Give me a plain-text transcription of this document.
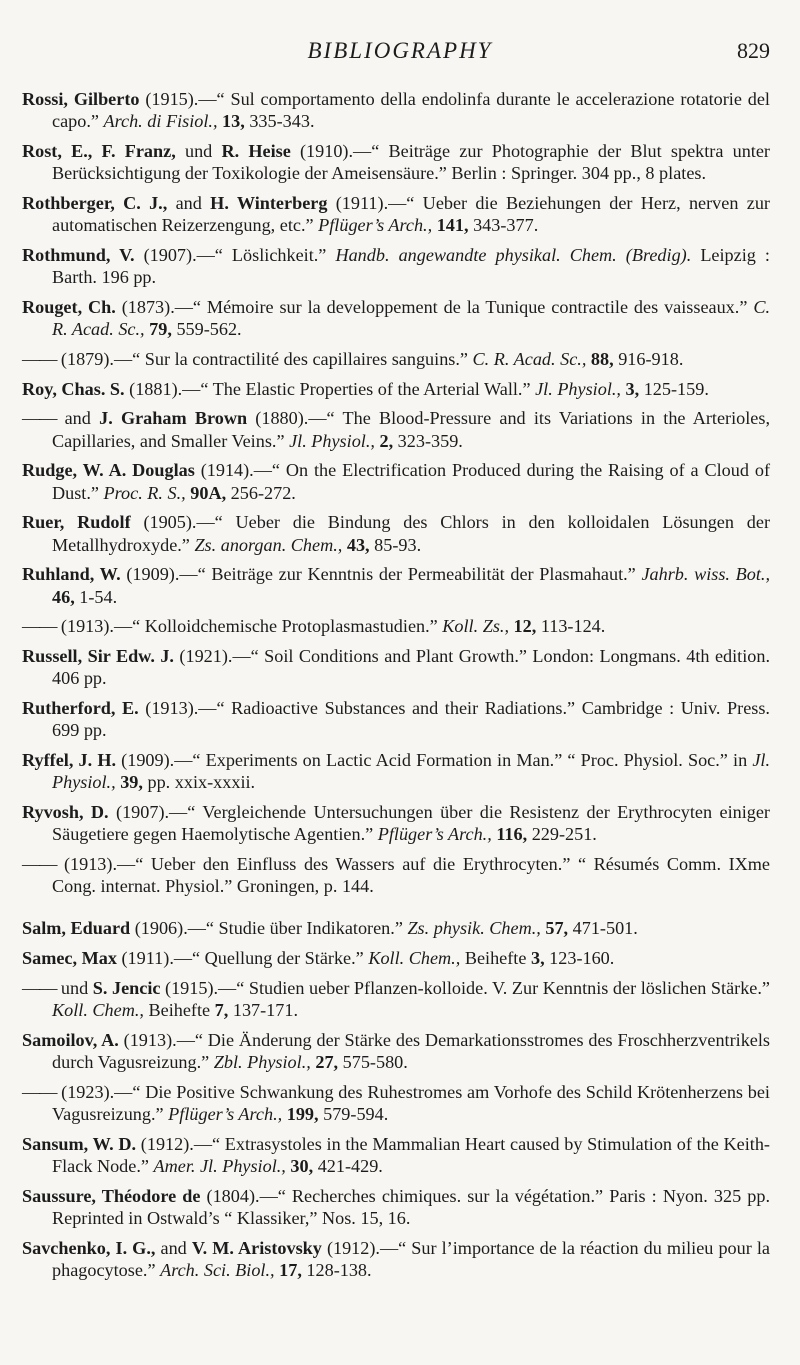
BIBLIOGRAPHY	829

Rossi, Gilberto (1915).—“ Sul comportamento della endolinfa durante le accelerazione rotatorie del capo.” Arch. di Fisiol., 13, 335-343.

Rost, E., F. Franz, und R. Heise (1910).—“ Beiträge zur Photographie der Blut spektra unter Berücksichtigung der Toxikologie der Ameisensäure.” Berlin : Springer. 304 pp., 8 plates.

Rothberger, C. J., and H. Winterberg (1911).—“ Ueber die Beziehungen der Herz, nerven zur automatischen Reizerzengung, etc.” Pflüger’s Arch., 141, 343-377.

Rothmund, V. (1907).—“ Löslichkeit.” Handb. angewandte physikal. Chem. (Bredig). Leipzig : Barth. 196 pp.

Rouget, Ch. (1873).—“ Mémoire sur la developpement de la Tunique contractile des vaisseaux.” C. R. Acad. Sc., 79, 559-562.

—— (1879).—“ Sur la contractilité des capillaires sanguins.” C. R. Acad. Sc., 88, 916-918.

Roy, Chas. S. (1881).—“ The Elastic Properties of the Arterial Wall.” Jl. Physiol., 3, 125-159.

—— and J. Graham Brown (1880).—“ The Blood-Pressure and its Variations in the Arterioles, Capillaries, and Smaller Veins.” Jl. Physiol., 2, 323-359.

Rudge, W. A. Douglas (1914).—“ On the Electrification Produced during the Raising of a Cloud of Dust.” Proc. R. S., 90A, 256-272.

Ruer, Rudolf (1905).—“ Ueber die Bindung des Chlors in den kolloidalen Lösungen der Metallhydroxyde.” Zs. anorgan. Chem., 43, 85-93.

Ruhland, W. (1909).—“ Beiträge zur Kenntnis der Permeabilität der Plasmahaut.” Jahrb. wiss. Bot., 46, 1-54.

—— (1913).—“ Kolloidchemische Protoplasmastudien.” Koll. Zs., 12, 113-124.

Russell, Sir Edw. J. (1921).—“ Soil Conditions and Plant Growth.” London: Longmans. 4th edition. 406 pp.

Rutherford, E. (1913).—“ Radioactive Substances and their Radiations.” Cambridge : Univ. Press. 699 pp.

Ryffel, J. H. (1909).—“ Experiments on Lactic Acid Formation in Man.” “ Proc. Physiol. Soc.” in Jl. Physiol., 39, pp. xxix-xxxii.

Ryvosh, D. (1907).—“ Vergleichende Untersuchungen über die Resistenz der Erythrocyten einiger Säugetiere gegen Haemolytische Agentien.” Pflüger’s Arch., 116, 229-251.

—— (1913).—“ Ueber den Einfluss des Wassers auf die Erythrocyten.” “ Résumés Comm. IXme Cong. internat. Physiol.” Groningen, p. 144.

Salm, Eduard (1906).—“ Studie über Indikatoren.” Zs. physik. Chem., 57, 471-501.

Samec, Max (1911).—“ Quellung der Stärke.” Koll. Chem., Beihefte 3, 123-160.

—— und S. Jencic (1915).—“ Studien ueber Pflanzen-kolloide. V. Zur Kenntnis der löslichen Stärke.” Koll. Chem., Beihefte 7, 137-171.

Samoilov, A. (1913).—“ Die Änderung der Stärke des Demarkationsstromes des Froschherzventrikels durch Vagusreizung.” Zbl. Physiol., 27, 575-580.

—— (1923).—“ Die Positive Schwankung des Ruhestromes am Vorhofe des Schild Krötenherzens bei Vagusreizung.” Pflüger’s Arch., 199, 579-594.

Sansum, W. D. (1912).—“ Extrasystoles in the Mammalian Heart caused by Stimulation of the Keith-Flack Node.” Amer. Jl. Physiol., 30, 421-429.

Saussure, Théodore de (1804).—“ Recherches chimiques. sur la végétation.” Paris : Nyon. 325 pp. Reprinted in Ostwald’s “ Klassiker,” Nos. 15, 16.

Savchenko, I. G., and V. M. Aristovsky (1912).—“ Sur l’importance de la réaction du milieu pour la phagocytose.” Arch. Sci. Biol., 17, 128-138.
